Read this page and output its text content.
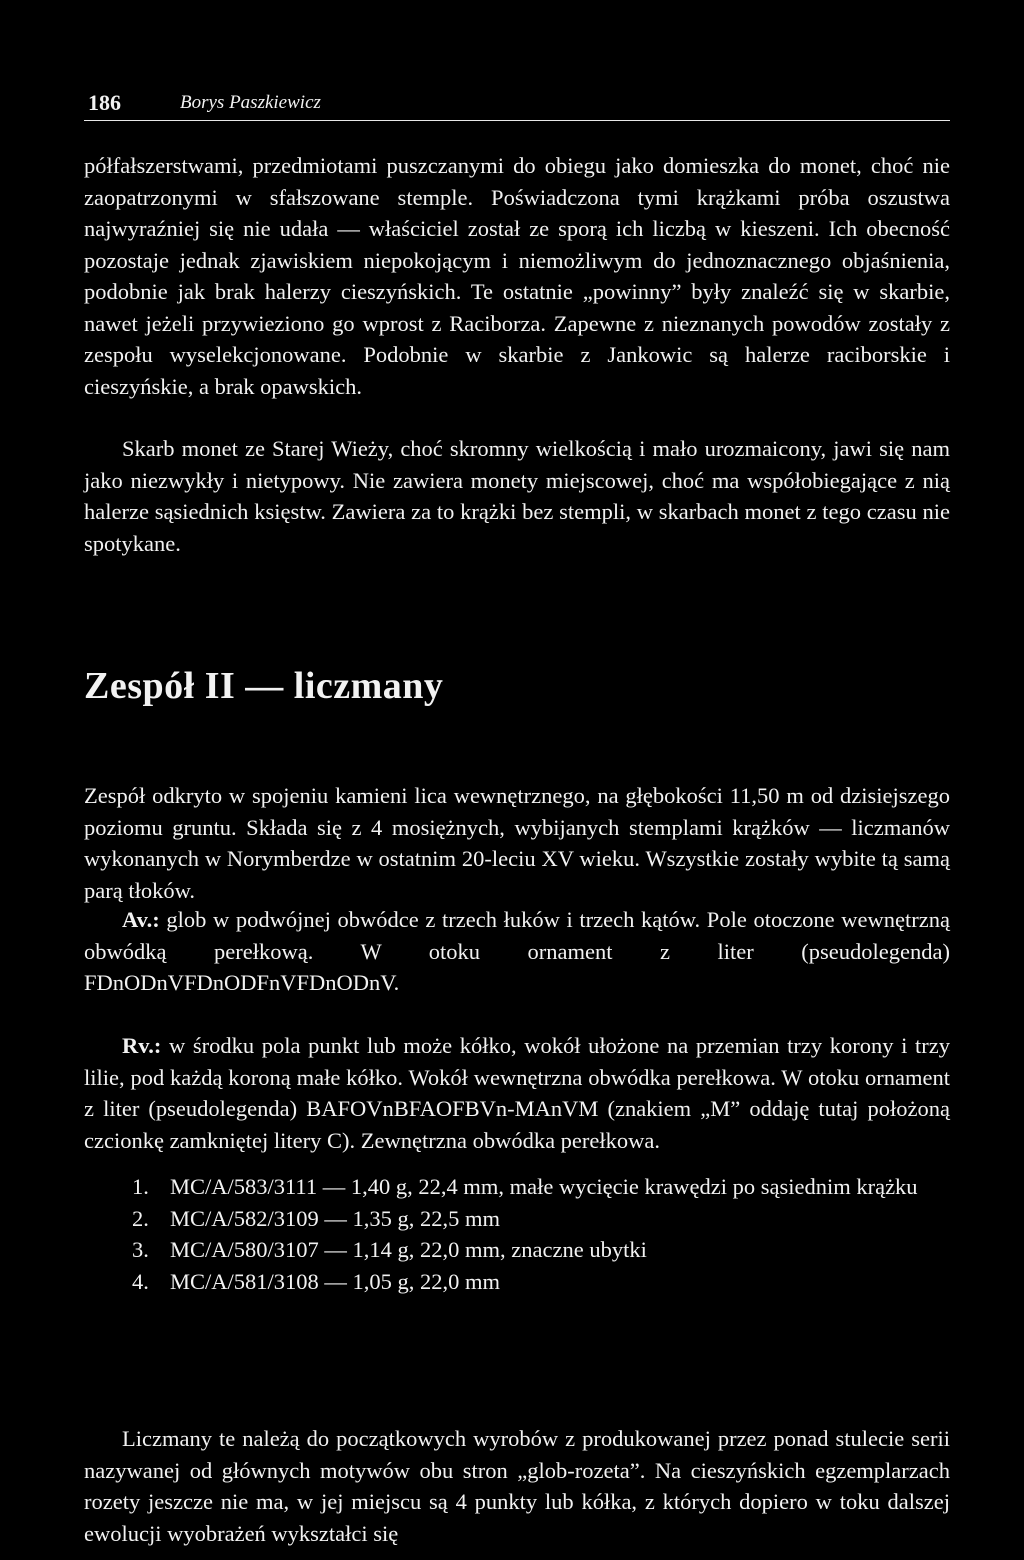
186	Borys Paszkiewicz

półfałszerstwami, przedmiotami puszczanymi do obiegu jako domieszka do monet, choć nie zaopatrzonymi w sfałszowane stemple. Poświadczona tymi krążkami próba oszustwa najwyraźniej się nie udała — właściciel został ze sporą ich liczbą w kieszeni. Ich obecność pozostaje jednak zjawiskiem niepokojącym i niemożliwym do jednoznacznego objaśnienia, podobnie jak brak halerzy cieszyńskich. Te ostatnie „powinny” były znaleźć się w skarbie, nawet jeżeli przywieziono go wprost z Raciborza. Zapewne z nieznanych powodów zostały z zespołu wyselekcjonowane. Podobnie w skarbie z Jankowic są halerze raciborskie i cieszyńskie, a brak opawskich.

Skarb monet ze Starej Wieży, choć skromny wielkością i mało urozmaicony, jawi się nam jako niezwykły i nietypowy. Nie zawiera monety miejscowej, choć ma współobiegające z nią halerze sąsiednich księstw. Zawiera za to krążki bez stempli, w skarbach monet z tego czasu nie spotykane.

Zespół II — liczmany

Zespół odkryto w spojeniu kamieni lica wewnętrznego, na głębokości 11,50 m od dzisiejszego poziomu gruntu. Składa się z 4 mosiężnych, wybijanych stemplami krążków — liczmanów wykonanych w Norymberdze w ostatnim 20-leciu XV wieku. Wszystkie zostały wybite tą samą parą tłoków.

Av.: glob w podwójnej obwódce z trzech łuków i trzech kątów. Pole otoczone wewnętrzną obwódką perełkową. W otoku ornament z liter (pseudolegenda) FDnODnVFDnODFnVFDnODnV.

Rv.: w środku pola punkt lub może kółko, wokół ułożone na przemian trzy korony i trzy lilie, pod każdą koroną małe kółko. Wokół wewnętrzna obwódka perełkowa. W otoku ornament z liter (pseudolegenda) BAFOVnBFAOFBVn-MAnVM (znakiem „M” oddaję tutaj położoną czcionkę zamkniętej litery C). Zewnętrzna obwódka perełkowa.

1. MC/A/583/3111 — 1,40 g, 22,4 mm, małe wycięcie krawędzi po sąsiednim krążku
2. MC/A/582/3109 — 1,35 g, 22,5 mm
3. MC/A/580/3107 — 1,14 g, 22,0 mm, znaczne ubytki
4. MC/A/581/3108 — 1,05 g, 22,0 mm

Liczmany te należą do początkowych wyrobów z produkowanej przez ponad stulecie serii nazywanej od głównych motywów obu stron „glob-rozeta”. Na cieszyńskich egzemplarzach rozety jeszcze nie ma, w jej miejscu są 4 punkty lub kółka, z których dopiero w toku dalszej ewolucji wyobrażeń wykształci się
